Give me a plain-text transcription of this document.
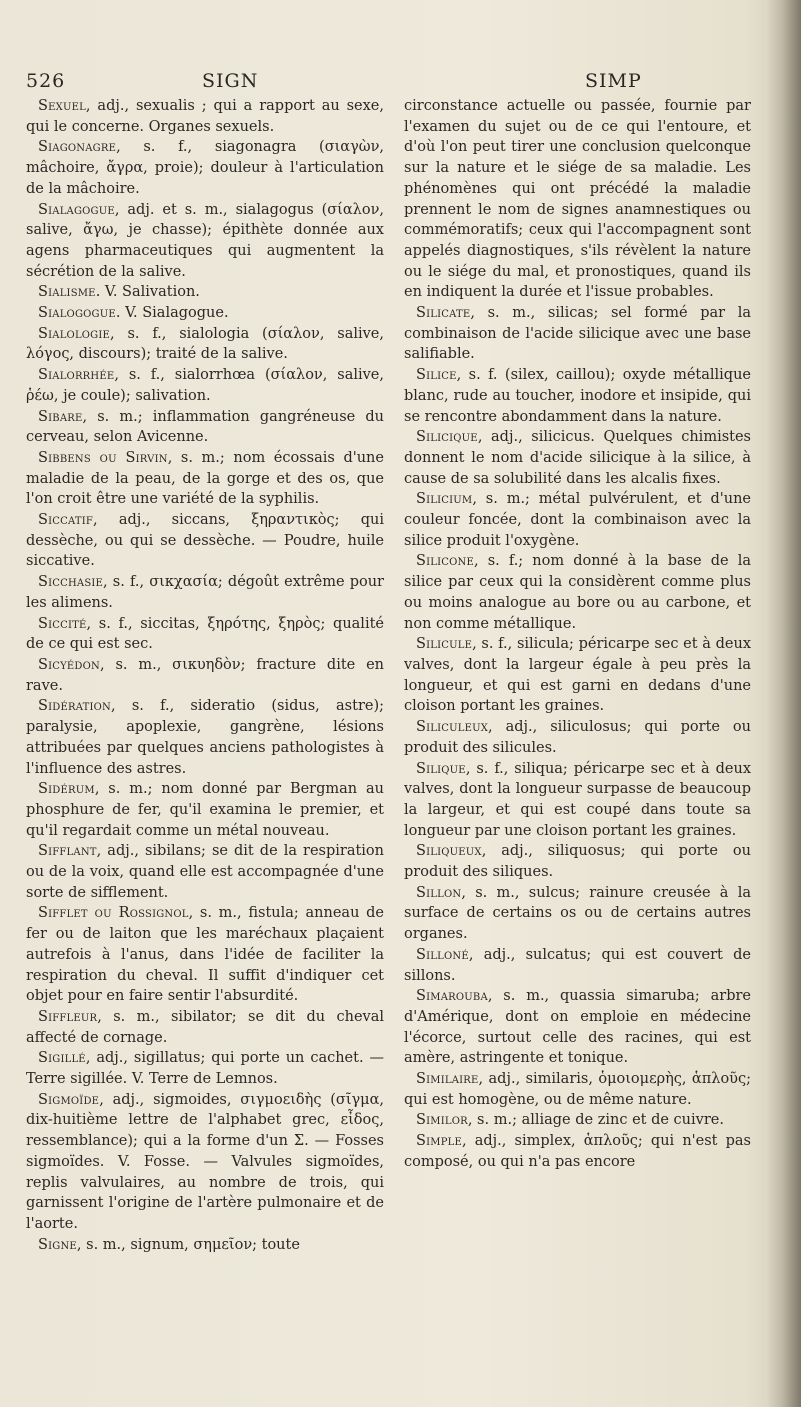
526	SIGN	SIMP

Sexuel, adj., sexualis ; qui a rapport au sexe, qui le concerne. Organes sexuels.

Siagonagre, s. f., siagonagra (σιαγὼν, mâchoire, ἄγρα, proie); douleur à l'articulation de la mâchoire.

Sialagogue, adj. et s. m., sialagogus (σίαλον, salive, ἄγω, je chasse); épithète donnée aux agens pharmaceutiques qui augmentent la sécrétion de la salive.

Sialisme. V. Salivation.

Sialogogue. V. Sialagogue.

Sialologie, s. f., sialologia (σίαλον, salive, λόγος, discours); traité de la salive.

Sialorrhée, s. f., sialorrhœa (σίαλον, salive, ῥέω, je coule); salivation.

Sibare, s. m.; inflammation gangréneuse du cerveau, selon Avicenne.

Sibbens ou Sirvin, s. m.; nom écossais d'une maladie de la peau, de la gorge et des os, que l'on croit être une variété de la syphilis.

Siccatif, adj., siccans, ξηραντικὸς; qui dessèche, ou qui se dessèche. — Poudre, huile siccative.

Sicchasie, s. f., σικχασία; dégoût extrême pour les alimens.

Siccité, s. f., siccitas, ξηρότης, ξηρὸς; qualité de ce qui est sec.

Sicyédon, s. m., σικυηδὸν; fracture dite en rave.

Sidération, s. f., sideratio (sidus, astre); paralysie, apoplexie, gangrène, lésions attribuées par quelques anciens pathologistes à l'influence des astres.

Sidérum, s. m.; nom donné par Bergman au phosphure de fer, qu'il examina le premier, et qu'il regardait comme un métal nouveau.

Sifflant, adj., sibilans; se dit de la respiration ou de la voix, quand elle est accompagnée d'une sorte de sifflement.

Sifflet ou Rossignol, s. m., fistula; anneau de fer ou de laiton que les maréchaux plaçaient autrefois à l'anus, dans l'idée de faciliter la respiration du cheval. Il suffit d'indiquer cet objet pour en faire sentir l'absurdité.

Siffleur, s. m., sibilator; se dit du cheval affecté de cornage.

Sigillé, adj., sigillatus; qui porte un cachet. — Terre sigillée. V. Terre de Lemnos.

Sigmoïde, adj., sigmoides, σιγμοειδὴς (σῖγμα, dix-huitième lettre de l'alphabet grec, εἶδος, ressemblance); qui a la forme d'un Σ. — Fosses sigmoïdes. V. Fosse. — Valvules sigmoïdes, replis valvulaires, au nombre de trois, qui garnissent l'origine de l'artère pulmonaire et de l'aorte.

Signe, s. m., signum, σημεῖον; toute

circonstance actuelle ou passée, fournie par l'examen du sujet ou de ce qui l'entoure, et d'où l'on peut tirer une conclusion quelconque sur la nature et le siége de sa maladie. Les phénomènes qui ont précédé la maladie prennent le nom de signes anamnestiques ou commémoratifs; ceux qui l'accompagnent sont appelés diagnostiques, s'ils révèlent la nature ou le siége du mal, et pronostiques, quand ils en indiquent la durée et l'issue probables.

Silicate, s. m., silicas; sel formé par la combinaison de l'acide silicique avec une base salifiable.

Silice, s. f. (silex, caillou); oxyde métallique blanc, rude au toucher, inodore et insipide, qui se rencontre abondamment dans la nature.

Silicique, adj., silicicus. Quelques chimistes donnent le nom d'acide silicique à la silice, à cause de sa solubilité dans les alcalis fixes.

Silicium, s. m.; métal pulvérulent, et d'une couleur foncée, dont la combinaison avec la silice produit l'oxygène.

Silicone, s. f.; nom donné à la base de la silice par ceux qui la considèrent comme plus ou moins analogue au bore ou au carbone, et non comme métallique.

Silicule, s. f., silicula; péricarpe sec et à deux valves, dont la largeur égale à peu près la longueur, et qui est garni en dedans d'une cloison portant les graines.

Siliculeux, adj., siliculosus; qui porte ou produit des silicules.

Silique, s. f., siliqua; péricarpe sec et à deux valves, dont la longueur surpasse de beaucoup la largeur, et qui est coupé dans toute sa longueur par une cloison portant les graines.

Siliqueux, adj., siliquosus; qui porte ou produit des siliques.

Sillon, s. m., sulcus; rainure creusée à la surface de certains os ou de certains autres organes.

Silloné, adj., sulcatus; qui est couvert de sillons.

Simarouba, s. m., quassia simaruba; arbre d'Amérique, dont on emploie en médecine l'écorce, surtout celle des racines, qui est amère, astringente et tonique.

Similaire, adj., similaris, ὁμοιομερὴς, ἁπλοῦς; qui est homogène, ou de même nature.

Similor, s. m.; alliage de zinc et de cuivre.

Simple, adj., simplex, ἁπλοῦς; qui n'est pas composé, ou qui n'a pas encore
